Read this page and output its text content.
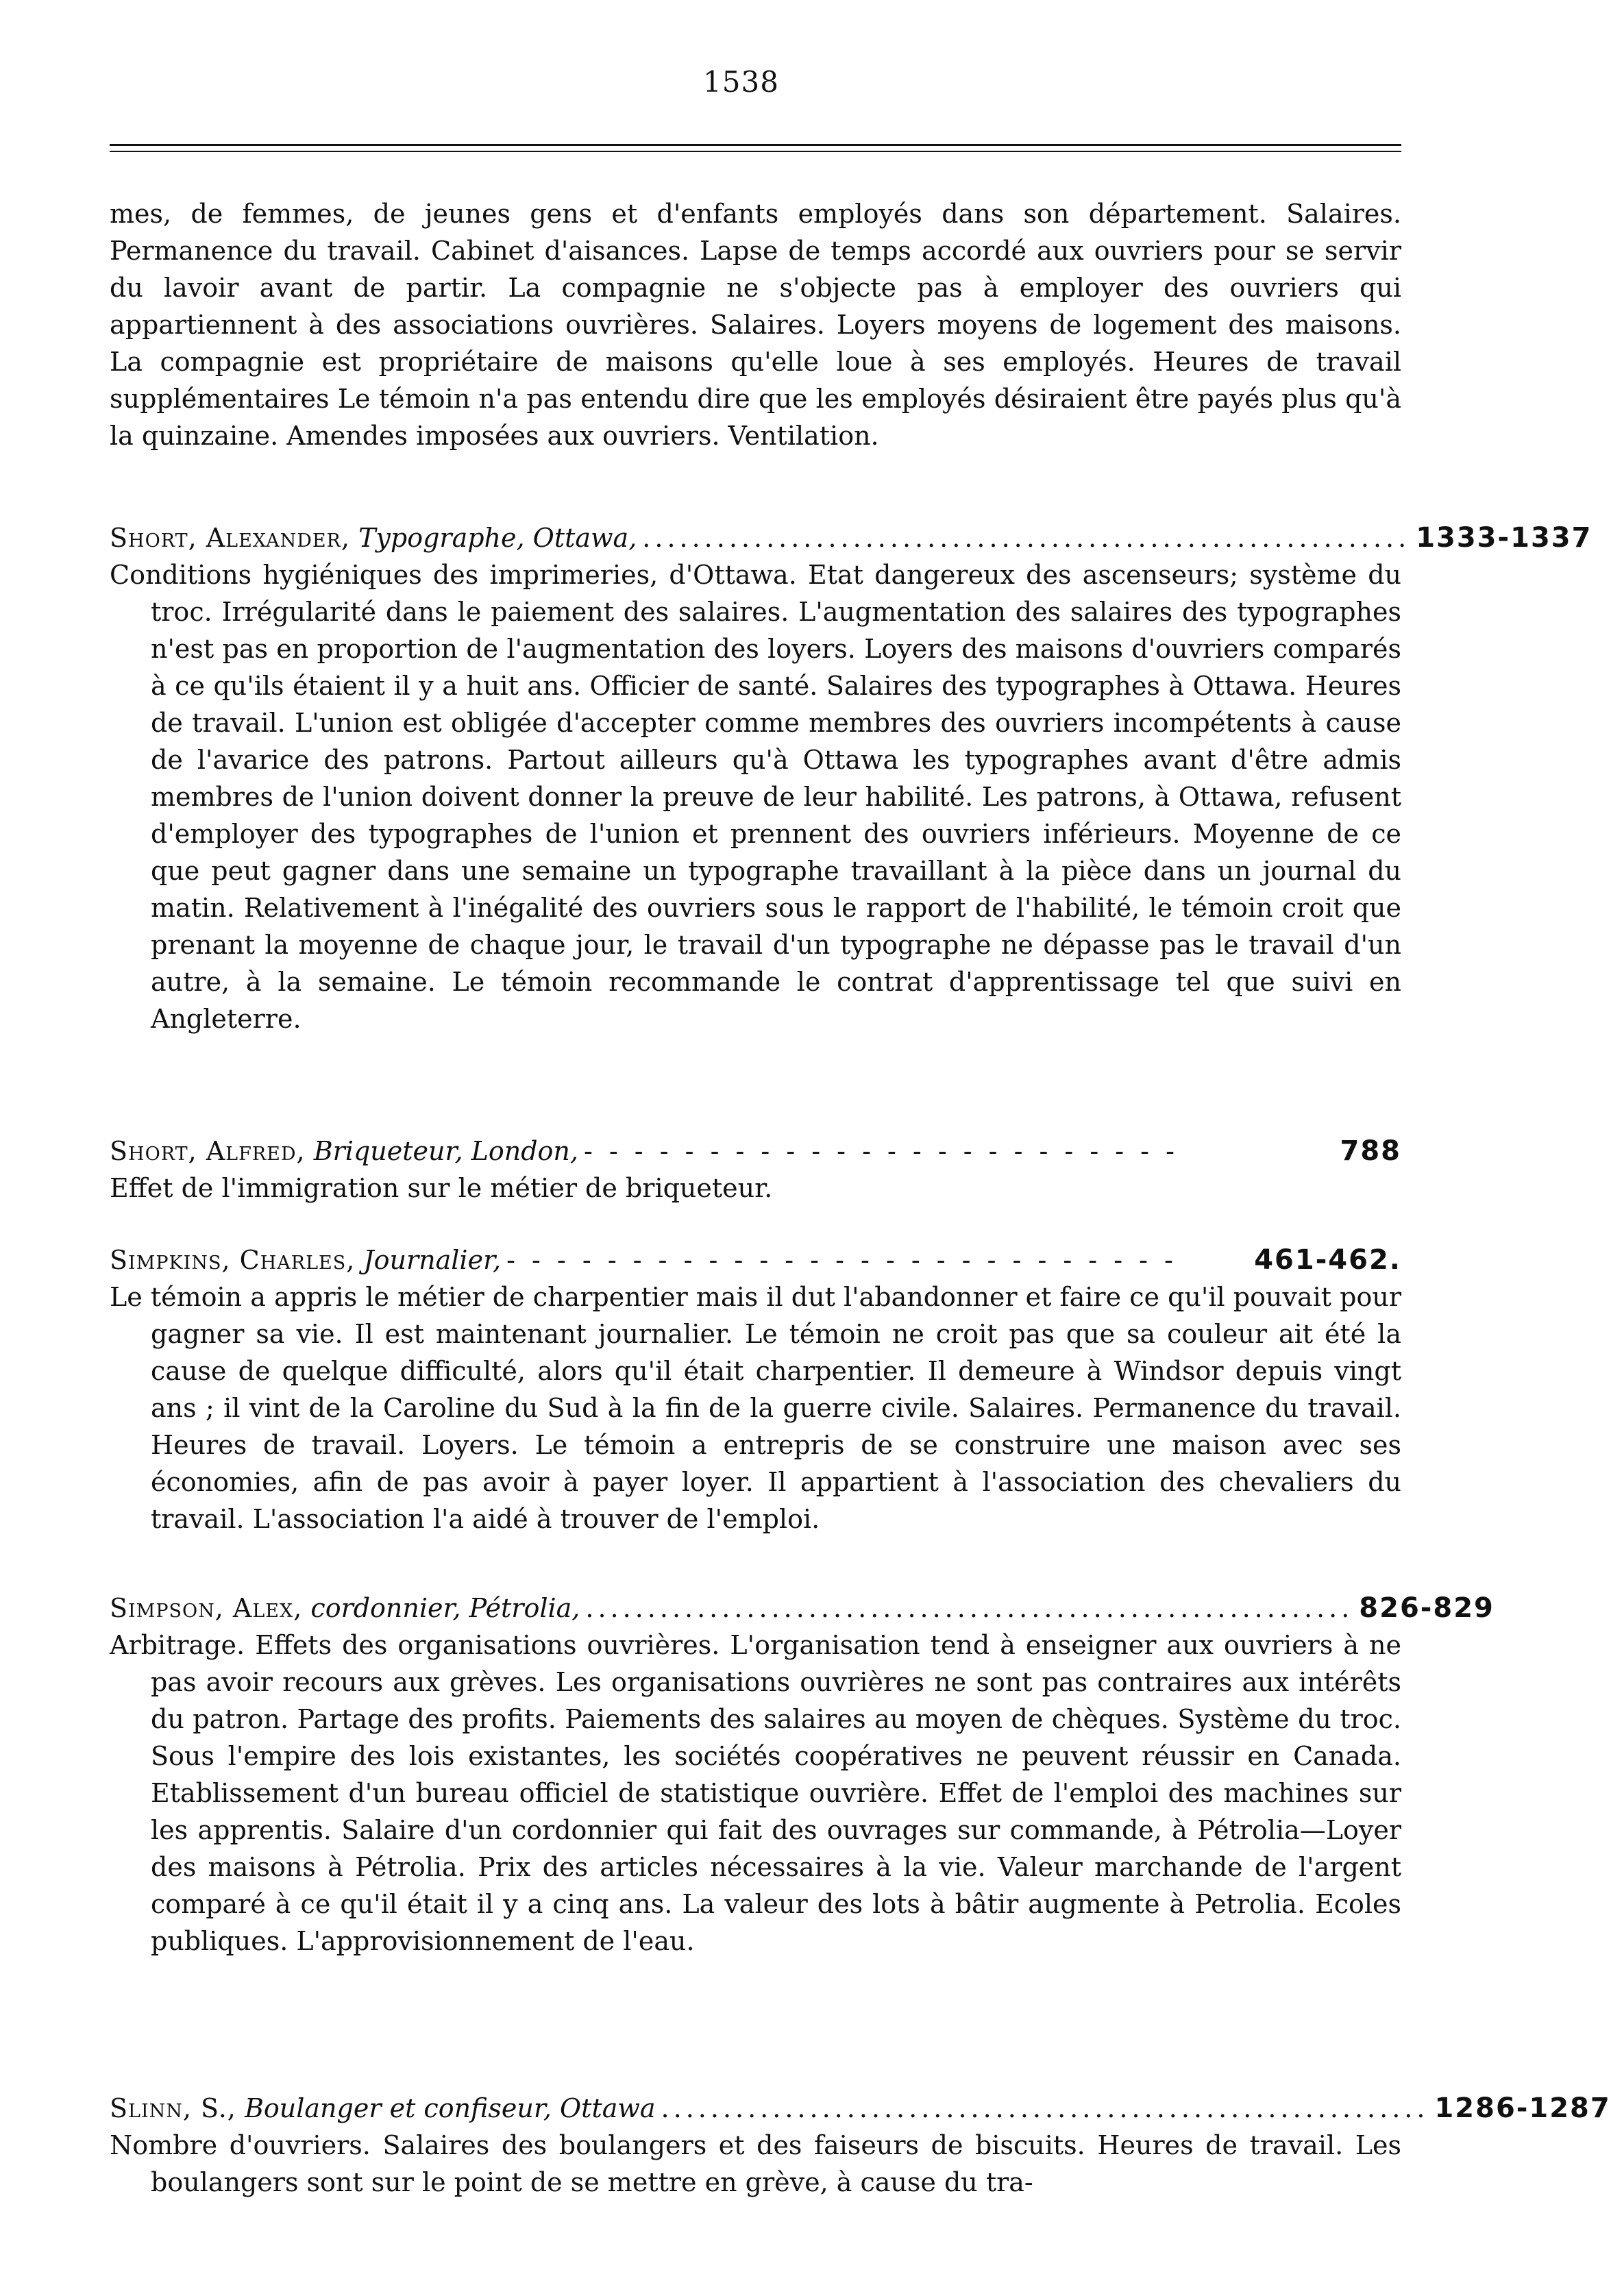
1538

mes, de femmes, de jeunes gens et d'enfants employés dans son département. Salaires. Permanence du travail. Cabinet d'aisances. Lapse de temps accordé aux ouvriers pour se servir du lavoir avant de partir. La compagnie ne s'objecte pas à employer des ouvriers qui appartiennent à des associations ouvrières. Salaires. Loyers moyens de logement des maisons. La compagnie est propriétaire de maisons qu'elle loue à ses employés. Heures de travail supplémentaires Le témoin n'a pas entendu dire que les employés désiraient être payés plus qu'à la quinzaine. Amendes imposées aux ouvriers. Ventilation.

Short, Alexander,
Typographe, Ottawa, .............................................................. 1333-1337

Conditions hygiéniques des imprimeries, d'Ottawa. Etat dangereux des ascenseurs; système du troc. Irrégularité dans le paiement des salaires. L'augmentation des salaires des typographes n'est pas en proportion de l'augmentation des loyers. Loyers des maisons d'ouvriers comparés à ce qu'ils étaient il y a huit ans. Officier de santé. Salaires des typographes à Ottawa. Heures de travail. L'union est obligée d'accepter comme membres des ouvriers incompétents à cause de l'avarice des patrons. Partout ailleurs qu'à Ottawa les typographes avant d'être admis membres de l'union doivent donner la preuve de leur habilité. Les patrons, à Ottawa, refusent d'employer des typographes de l'union et prennent des ouvriers inférieurs. Moyenne de ce que peut gagner dans une semaine un typographe travaillant à la pièce dans un journal du matin. Relativement à l'inégalité des ouvriers sous le rapport de l'habilité, le témoin croit que prenant la moyenne de chaque jour, le travail d'un typographe ne dépasse pas le travail d'un autre, à la semaine. Le témoin recommande le contrat d'apprentissage tel que suivi en Angleterre.

Short, Alfred,
Briqueteur, London, - - - - - - - - - - - - - - - - - - - - - - - -	788

Effet de l'immigration sur le métier de briqueteur.

Simpkins, Charles,
Journalier, - - - - - - - - - - - - - - - - - - - - - - - - - - -	461-462.

Le témoin a appris le métier de charpentier mais il dut l'abandonner et faire ce qu'il pouvait pour gagner sa vie. Il est maintenant journalier. Le témoin ne croit pas que sa couleur ait été la cause de quelque difficulté, alors qu'il était charpentier. Il demeure à Windsor depuis vingt ans ; il vint de la Caroline du Sud à la fin de la guerre civile. Salaires. Permanence du travail. Heures de travail. Loyers. Le témoin a entrepris de se construire une maison avec ses économies, afin de pas avoir à payer loyer. Il appartient à l'association des chevaliers du travail. L'association l'a aidé à trouver de l'emploi.

Simpson, Alex,
cordonnier, Pétrolia, .............................................................. 826-829

Arbitrage. Effets des organisations ouvrières. L'organisation tend à enseigner aux ouvriers à ne pas avoir recours aux grèves. Les organisations ouvrières ne sont pas contraires aux intérêts du patron. Partage des profits. Paiements des salaires au moyen de chèques. Système du troc. Sous l'empire des lois existantes, les sociétés coopératives ne peuvent réussir en Canada. Etablissement d'un bureau officiel de statistique ouvrière. Effet de l'emploi des machines sur les apprentis. Salaire d'un cordonnier qui fait des ouvrages sur commande, à Pétrolia—Loyer des maisons à Pétrolia. Prix des articles nécessaires à la vie. Valeur marchande de l'argent comparé à ce qu'il était il y a cinq ans. La valeur des lots à bâtir augmente à Petrolia. Ecoles publiques. L'approvisionnement de l'eau.

Slinn, S.,
Boulanger et confiseur, Ottawa .............................................................. 1286-1287

Nombre d'ouvriers. Salaires des boulangers et des faiseurs de biscuits. Heures de travail. Les boulangers sont sur le point de se mettre en grève, à cause du tra-
